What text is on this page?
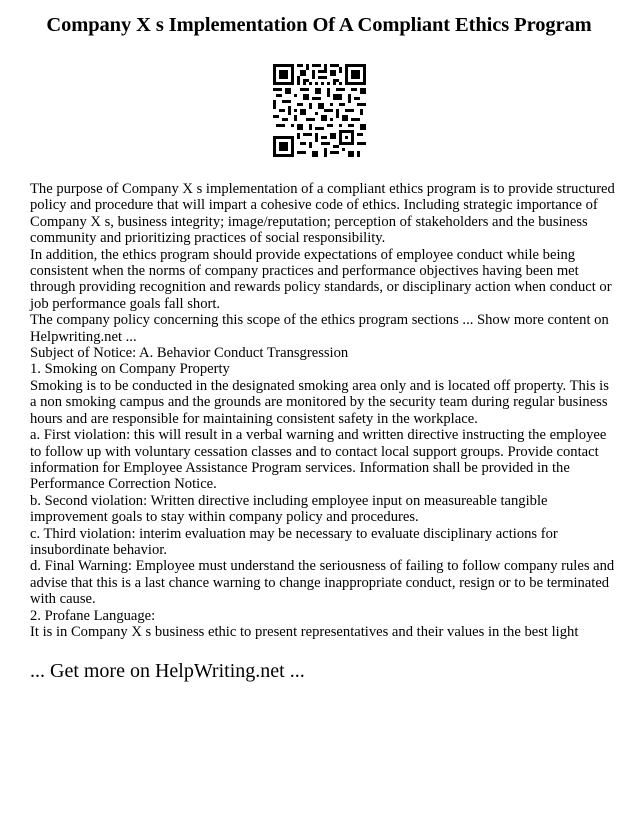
Company X s Implementation Of A Compliant Ethics Program

The purpose of Company X s implementation of a compliant ethics program is to provide structured policy and procedure that will impart a cohesive code of ethics. Including strategic importance of Company X s, business integrity; image/reputation; perception of stakeholders and the business community and prioritizing practices of social responsibility.

In addition, the ethics program should provide expectations of employee conduct while being consistent when the norms of company practices and performance objectives having been met through providing recognition and rewards policy standards, or disciplinary action when conduct or job performance goals fall short.

The company policy concerning this scope of the ethics program sections ... Show more content on Helpwriting.net ...

Subject of Notice: A. Behavior Conduct Transgression

1. Smoking on Company Property

Smoking is to be conducted in the designated smoking area only and is located off property. This is a non smoking campus and the grounds are monitored by the security team during regular business hours and are responsible for maintaining consistent safety in the workplace.

a. First violation: this will result in a verbal warning and written directive instructing the employee to follow up with voluntary cessation classes and to contact local support groups. Provide contact information for Employee Assistance Program services. Information shall be provided in the Performance Correction Notice.

b. Second violation: Written directive including employee input on measureable tangible improvement goals to stay within company policy and procedures.

c. Third violation: interim evaluation may be necessary to evaluate disciplinary actions for insubordinate behavior.

d. Final Warning: Employee must understand the seriousness of failing to follow company rules and advise that this is a last chance warning to change inappropriate conduct, resign or to be terminated with cause.

2. Profane Language:

It is in Company X s business ethic to present representatives and their values in the best light

... Get more on HelpWriting.net ...
